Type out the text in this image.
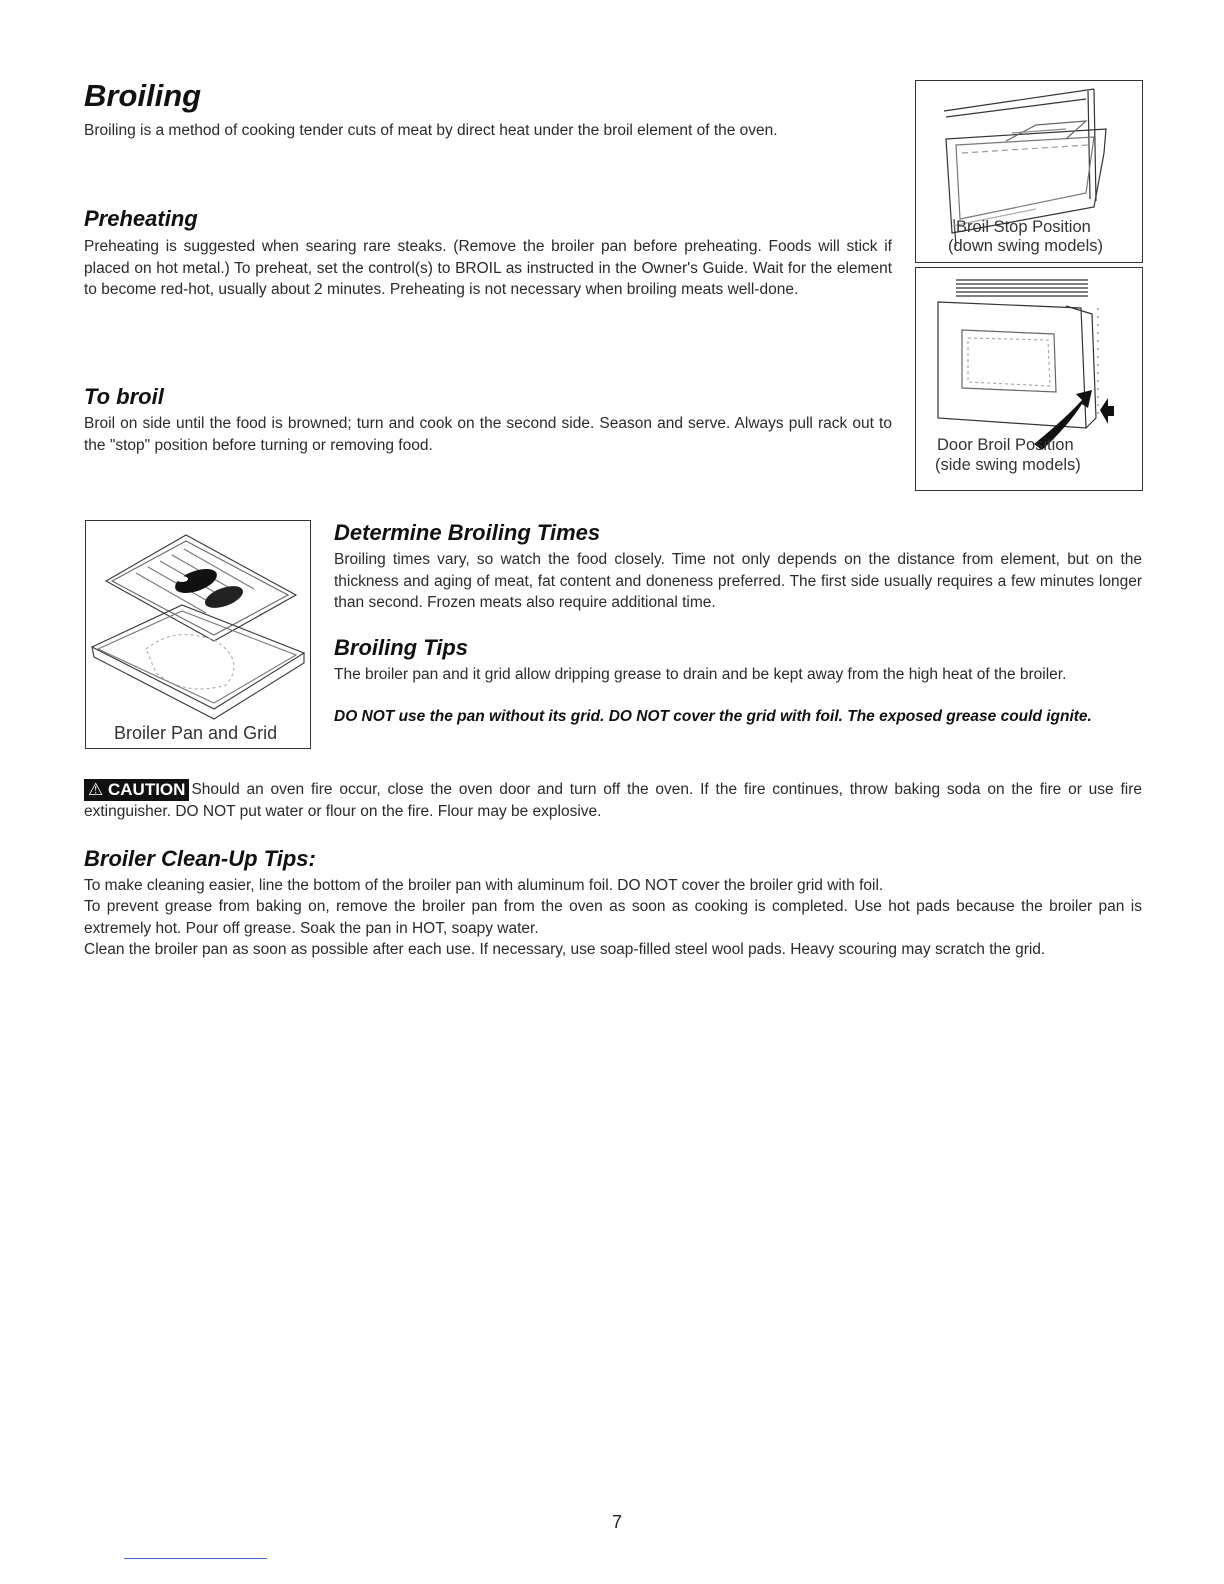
Broiling

Broiling is a method of cooking tender cuts of meat by direct heat under the broil element of the oven.

Preheating

Preheating is suggested when searing rare steaks. (Remove the broiler pan before preheating. Foods will stick if placed on hot metal.) To preheat, set the control(s) to BROIL as instructed in the Owner's Guide. Wait for the element to become red-hot, usually about 2 minutes. Preheating is not necessary when broiling meats well-done.

To broil

Broil on side until the food is browned; turn and cook on the second side. Season and serve. Always pull rack out to the "stop" position before turning or removing food.

Broil Stop Position
(down swing models)
Door Broil Position
(side swing models)
Broiler Pan and Grid
Determine Broiling Times

Broiling times vary, so watch the food closely. Time not only depends on the distance from element, but on the thickness and aging of meat, fat content and doneness preferred. The first side usually requires a few minutes longer than second. Frozen meats also require additional time.

Broiling Tips

The broiler pan and it grid allow dripping grease to drain and be kept away from the high heat of the broiler.

DO NOT use the pan without its grid. DO NOT cover the grid with foil. The exposed grease could ignite.

⚠ CAUTION Should an oven fire occur, close the oven door and turn off the oven. If the fire continues, throw baking soda on the fire or use fire extinguisher. DO NOT put water or flour on the fire. Flour may be explosive.

Broiler Clean-Up Tips:

To make cleaning easier, line the bottom of the broiler pan with aluminum foil. DO NOT cover the broiler grid with foil.

To prevent grease from baking on, remove the broiler pan from the oven as soon as cooking is completed. Use hot pads because the broiler pan is extremely hot. Pour off grease. Soak the pan in HOT, soapy water.

Clean the broiler pan as soon as possible after each use. If necessary, use soap-filled steel wool pads. Heavy scouring may scratch the grid.

7
